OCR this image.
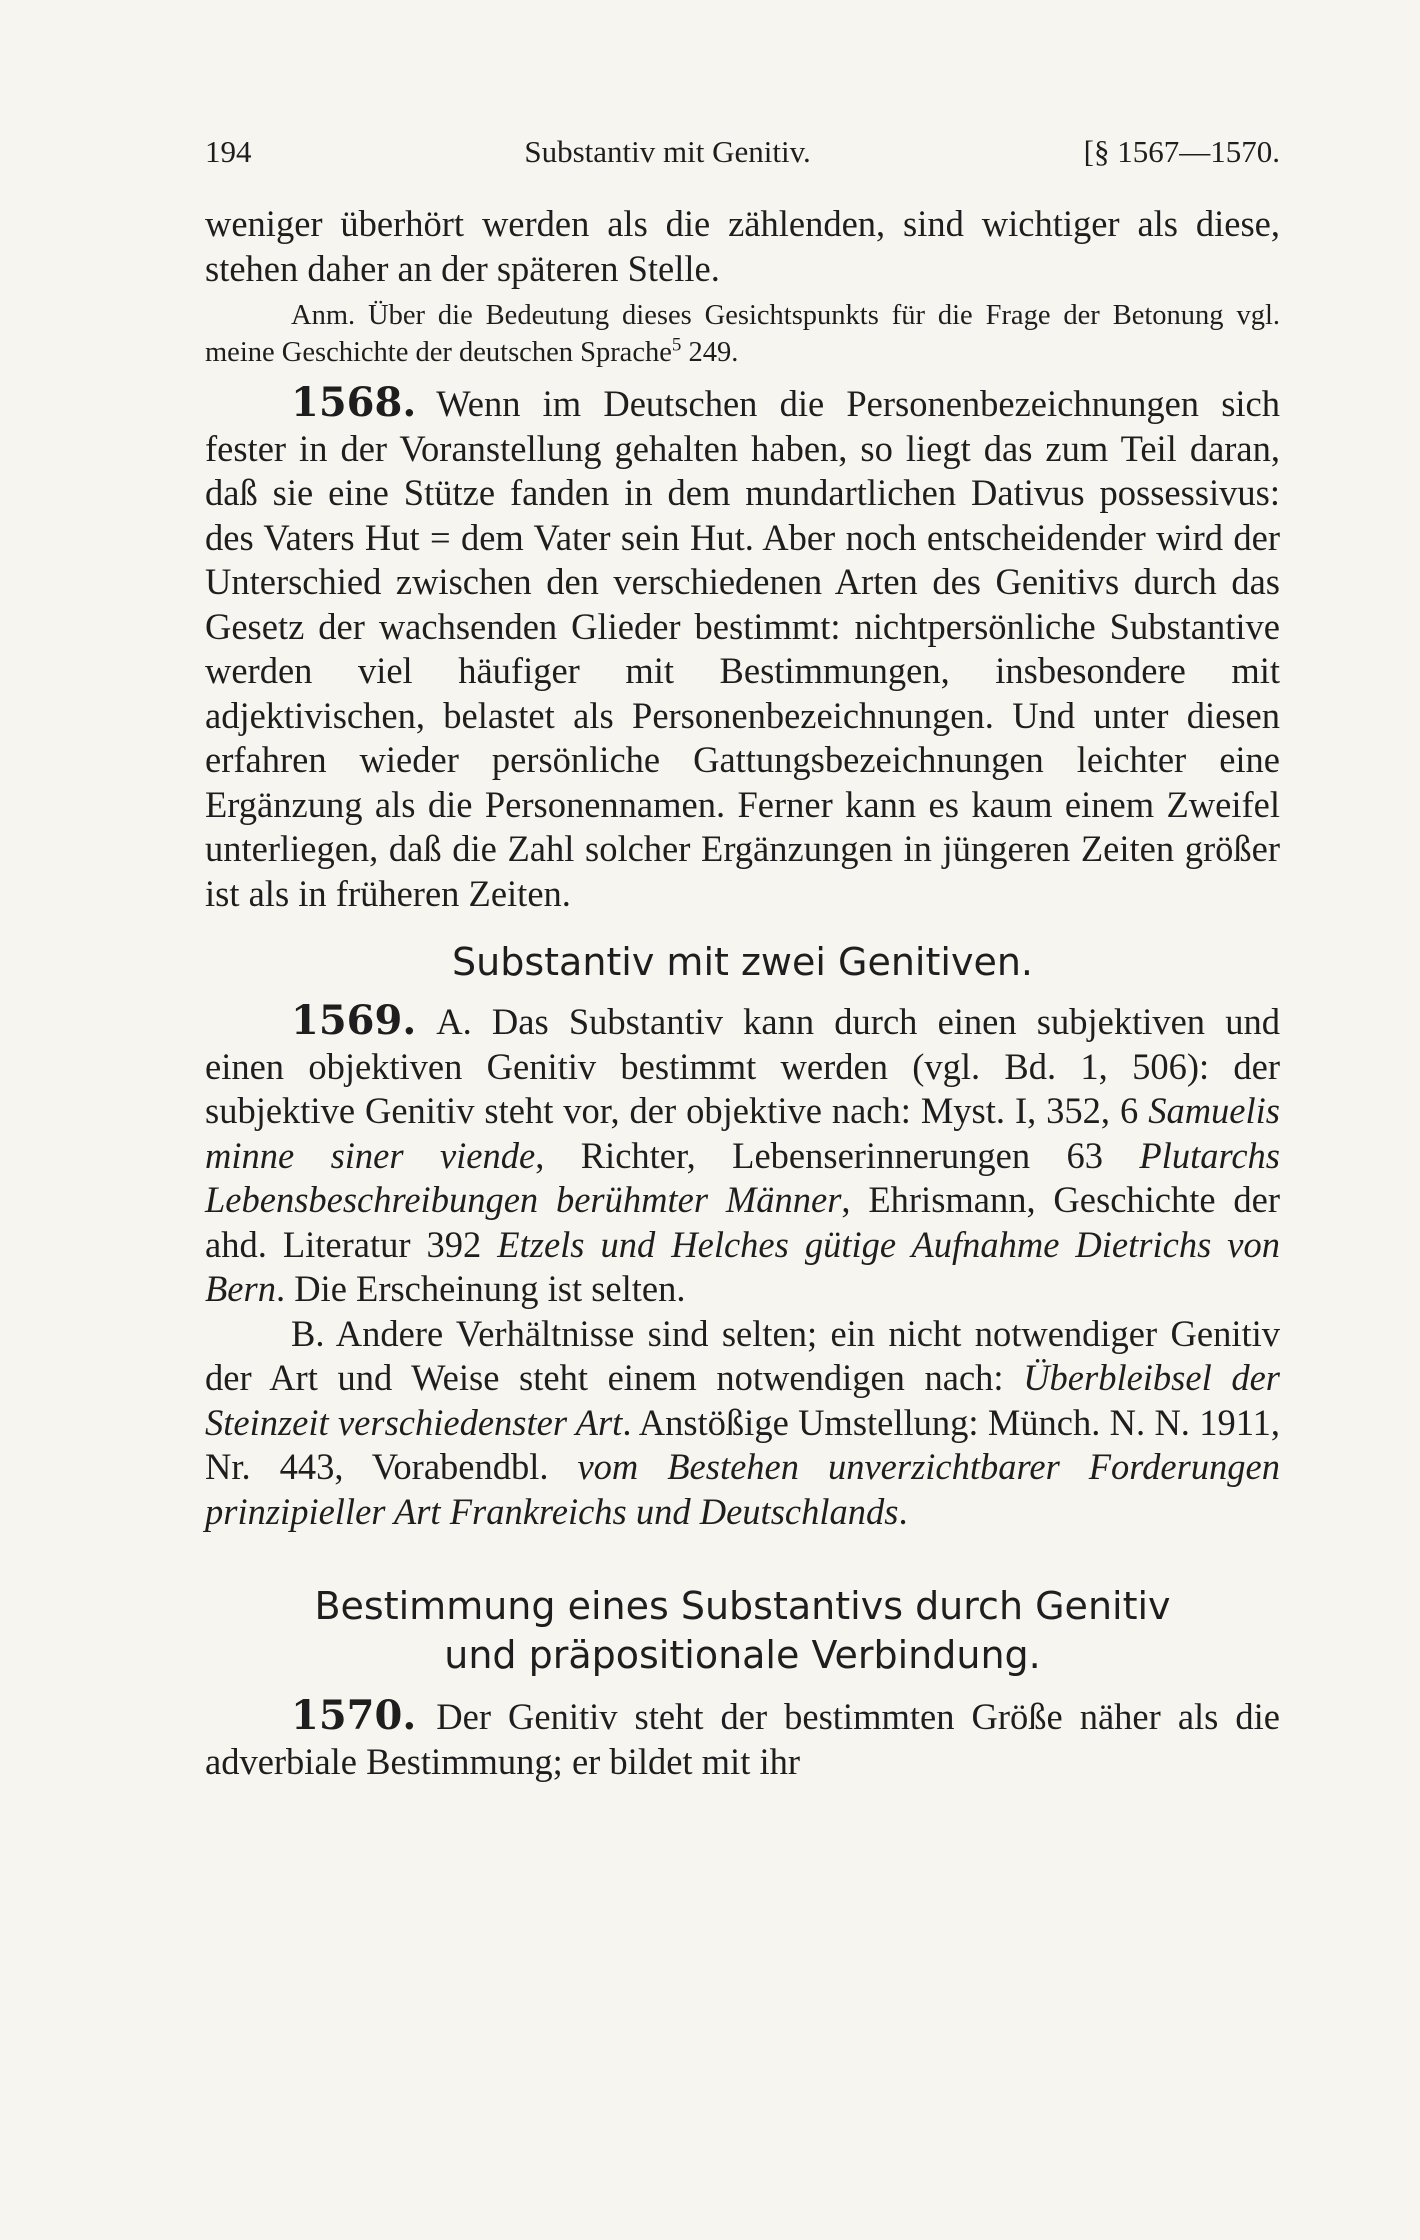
194	Substantiv mit Genitiv.	[§ 1567—1570.

weniger überhört werden als die zählenden, sind wichtiger als diese, stehen daher an der späteren Stelle.

Anm. Über die Bedeutung dieses Gesichtspunkts für die Frage der Betonung vgl. meine Geschichte der deutschen Sprache$^5$ 249.

1568. Wenn im Deutschen die Personenbezeichnungen sich fester in der Voranstellung gehalten haben, so liegt das zum Teil daran, daß sie eine Stütze fanden in dem mundartlichen Dativus possessivus: des Vaters Hut = dem Vater sein Hut. Aber noch entscheidender wird der Unterschied zwischen den verschiedenen Arten des Genitivs durch das Gesetz der wachsenden Glieder bestimmt: nichtpersönliche Substantive werden viel häufiger mit Bestimmungen, insbesondere mit adjektivischen, belastet als Personenbezeichnungen. Und unter diesen erfahren wieder persönliche Gattungsbezeichnungen leichter eine Ergänzung als die Personennamen. Ferner kann es kaum einem Zweifel unterliegen, daß die Zahl solcher Ergänzungen in jüngeren Zeiten größer ist als in früheren Zeiten.

Substantiv mit zwei Genitiven.

1569. A. Das Substantiv kann durch einen subjektiven und einen objektiven Genitiv bestimmt werden (vgl. Bd. 1, 506): der subjektive Genitiv steht vor, der objektive nach: Myst. I, 352, 6 Samuelis minne siner viende, Richter, Lebenserinnerungen 63 Plutarchs Lebensbeschreibungen berühmter Männer, Ehrismann, Geschichte der ahd. Literatur 392 Etzels und Helches gütige Aufnahme Dietrichs von Bern. Die Erscheinung ist selten.

B. Andere Verhältnisse sind selten; ein nicht notwendiger Genitiv der Art und Weise steht einem notwendigen nach: Überbleibsel der Steinzeit verschiedenster Art. Anstößige Umstellung: Münch. N. N. 1911, Nr. 443, Vorabendbl. vom Bestehen unverzichtbarer Forderungen prinzipieller Art Frankreichs und Deutschlands.

Bestimmung eines Substantivs durch Genitiv
und präpositionale Verbindung.

1570. Der Genitiv steht der bestimmten Größe näher als die adverbiale Bestimmung; er bildet mit ihr
